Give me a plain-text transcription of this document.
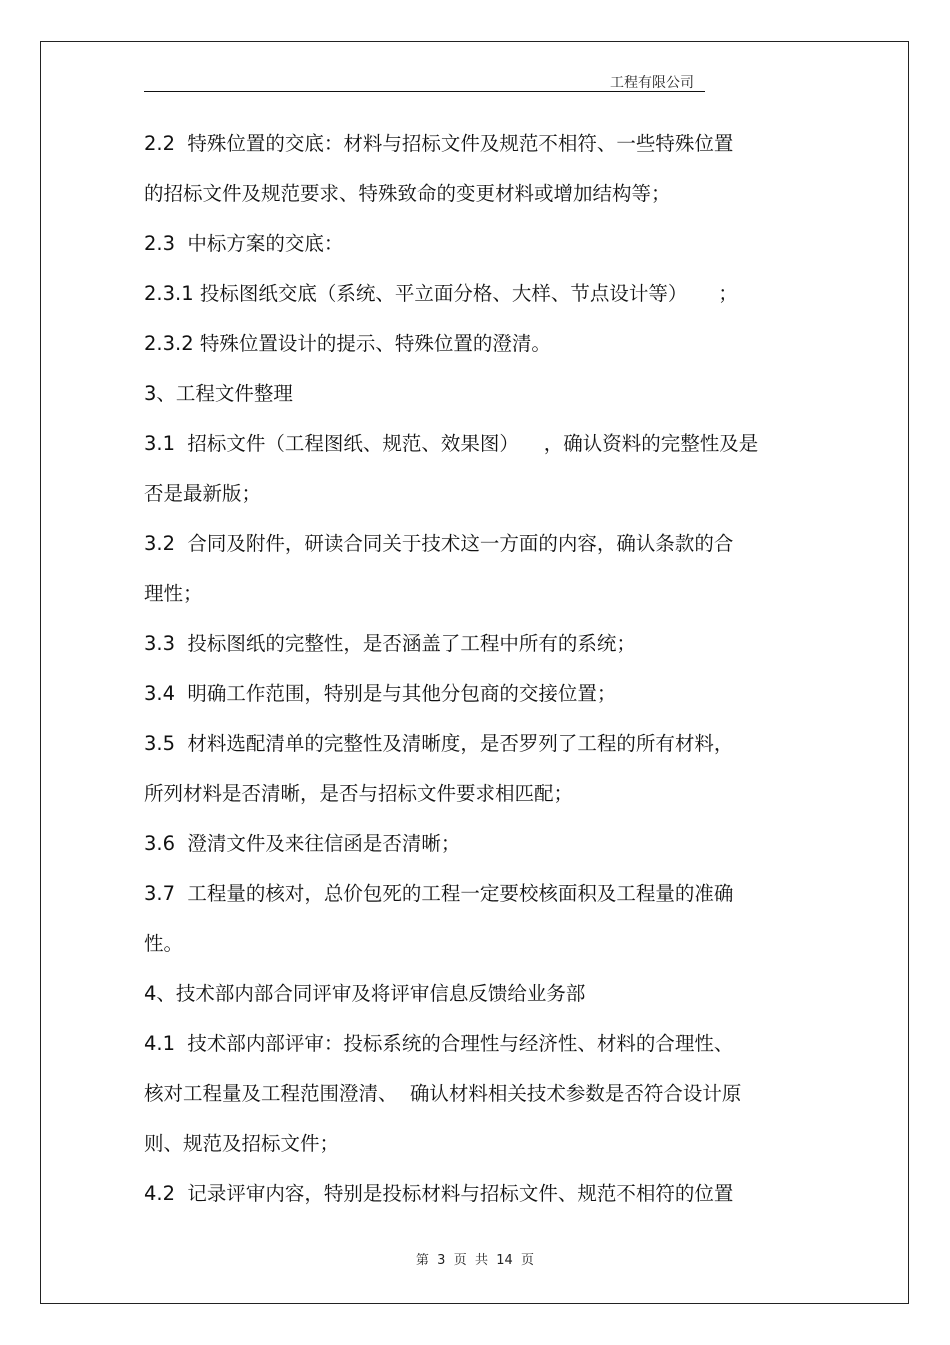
工程有限公司
2.2  特殊位置的交底：材料与招标文件及规范不相符、一些特殊位置
的招标文件及规范要求、特殊致命的变更材料或增加结构等；
2.3  中标方案的交底：
2.3.1 投标图纸交底（系统、平立面分格、大样、节点设计等）     ；
2.3.2 特殊位置设计的提示、特殊位置的澄清。
3、工程文件整理
3.1  招标文件（工程图纸、规范、效果图）    ，确认资料的完整性及是
否是最新版；
3.2  合同及附件，研读合同关于技术这一方面的内容，确认条款的合
理性；
3.3  投标图纸的完整性，是否涵盖了工程中所有的系统；
3.4  明确工作范围，特别是与其他分包商的交接位置；
3.5  材料选配清单的完整性及清晰度，是否罗列了工程的所有材料，
所列材料是否清晰，是否与招标文件要求相匹配；
3.6  澄清文件及来往信函是否清晰；
3.7  工程量的核对，总价包死的工程一定要校核面积及工程量的准确
性。
4、技术部内部合同评审及将评审信息反馈给业务部
4.1  技术部内部评审：投标系统的合理性与经济性、材料的合理性、
核对工程量及工程范围澄清、  确认材料相关技术参数是否符合设计原
则、规范及招标文件；
4.2  记录评审内容，特别是投标材料与招标文件、规范不相符的位置
第  3  页  共  14  页
